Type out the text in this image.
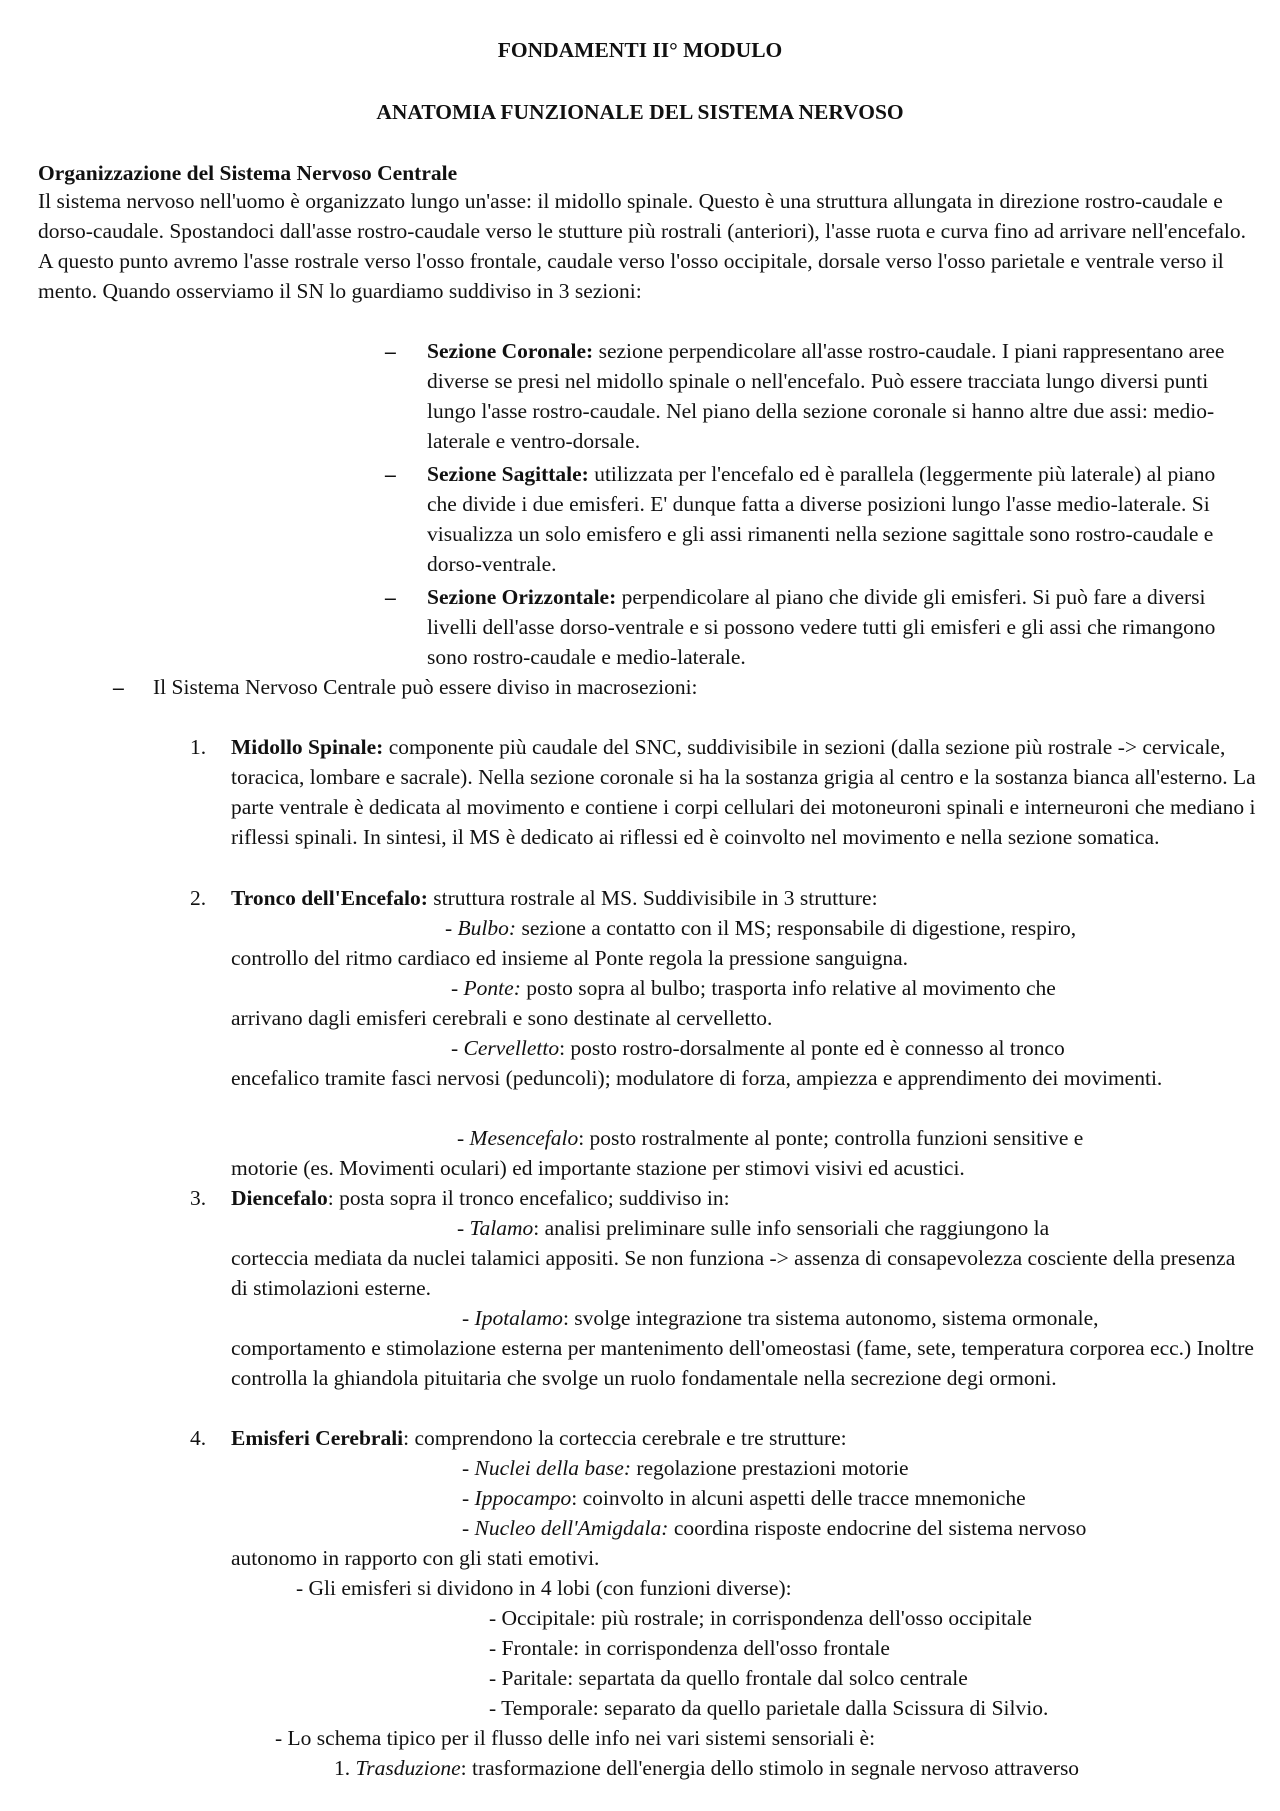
FONDAMENTI II° MODULO
ANATOMIA FUNZIONALE DEL SISTEMA NERVOSO
Organizzazione del Sistema Nervoso Centrale
Il sistema nervoso nell'uomo è organizzato lungo un'asse: il midollo spinale. Questo è una struttura allungata in direzione rostro-caudale e dorso-caudale. Spostandoci dall'asse rostro-caudale verso le stutture più rostrali (anteriori), l'asse ruota e curva fino ad arrivare nell'encefalo. A questo punto avremo l'asse rostrale verso l'osso frontale, caudale verso l'osso occipitale, dorsale verso l'osso parietale e ventrale verso il mento. Quando osserviamo il SN lo guardiamo suddiviso in 3 sezioni:
– Sezione Coronale: sezione perpendicolare all'asse rostro-caudale. I piani rappresentano aree diverse se presi nel midollo spinale o nell'encefalo. Può essere tracciata lungo diversi punti lungo l'asse rostro-caudale. Nel piano della sezione coronale si hanno altre due assi: medio-laterale e ventro-dorsale.
– Sezione Sagittale: utilizzata per l'encefalo ed è parallela (leggermente più laterale) al piano che divide i due emisferi. E' dunque fatta a diverse posizioni lungo l'asse medio-laterale. Si visualizza un solo emisfero e gli assi rimanenti nella sezione sagittale sono rostro-caudale e dorso-ventrale.
– Sezione Orizzontale: perpendicolare al piano che divide gli emisferi. Si può fare a diversi livelli dell'asse dorso-ventrale e si possono vedere tutti gli emisferi e gli assi che rimangono sono rostro-caudale e medio-laterale.
– Il Sistema Nervoso Centrale può essere diviso in macrosezioni:
1. Midollo Spinale: componente più caudale del SNC, suddivisibile in sezioni (dalla sezione più rostrale -> cervicale, toracica, lombare e sacrale). Nella sezione coronale si ha la sostanza grigia al centro e la sostanza bianca all'esterno. La parte ventrale è dedicata al movimento e contiene i corpi cellulari dei motoneuroni spinali e interneuroni che mediano i riflessi spinali. In sintesi, il MS è dedicato ai riflessi ed è coinvolto nel movimento e nella sezione somatica.
2. Tronco dell'Encefalo: struttura rostrale al MS. Suddivisibile in 3 strutture:
- Bulbo: sezione a contatto con il MS; responsabile di digestione, respiro,
controllo del ritmo cardiaco ed insieme al Ponte regola la pressione sanguigna.
- Ponte: posto sopra al bulbo; trasporta info relative al movimento che
arrivano dagli emisferi cerebrali e sono destinate al cervelletto.
- Cervelletto: posto rostro-dorsalmente al ponte ed è connesso al tronco
encefalico tramite fasci nervosi (peduncoli); modulatore di forza, ampiezza e apprendimento dei movimenti.
- Mesencefalo: posto rostralmente al ponte; controlla funzioni sensitive e
motorie (es. Movimenti oculari) ed importante stazione per stimovi visivi ed acustici.
3. Diencefalo: posta sopra il tronco encefalico; suddiviso in:
- Talamo: analisi preliminare sulle info sensoriali che raggiungono la
corteccia mediata da nuclei talamici appositi. Se non funziona -> assenza di consapevolezza cosciente della presenza di stimolazioni esterne.
- Ipotalamo: svolge integrazione tra sistema autonomo, sistema ormonale,
comportamento e stimolazione esterna per mantenimento dell'omeostasi (fame, sete, temperatura corporea ecc.) Inoltre controlla la ghiandola pituitaria che svolge un ruolo fondamentale nella secrezione degi ormoni.
4. Emisferi Cerebrali: comprendono la corteccia cerebrale e tre strutture:
- Nuclei della base: regolazione prestazioni motorie
- Ippocampo: coinvolto in alcuni aspetti delle tracce mnemoniche
- Nucleo dell'Amigdala: coordina risposte endocrine del sistema nervoso
autonomo in rapporto con gli stati emotivi.
- Gli emisferi si dividono in 4 lobi (con funzioni diverse):
- Occipitale: più rostrale; in corrispondenza dell'osso occipitale
- Frontale: in corrispondenza dell'osso frontale
- Paritale: separtata da quello frontale dal solco centrale
- Temporale: separato da quello parietale dalla Scissura di Silvio.
- Lo schema tipico per il flusso delle info nei vari sistemi sensoriali è:
1. Trasduzione: trasformazione dell'energia dello stimolo in segnale nervoso attraverso
